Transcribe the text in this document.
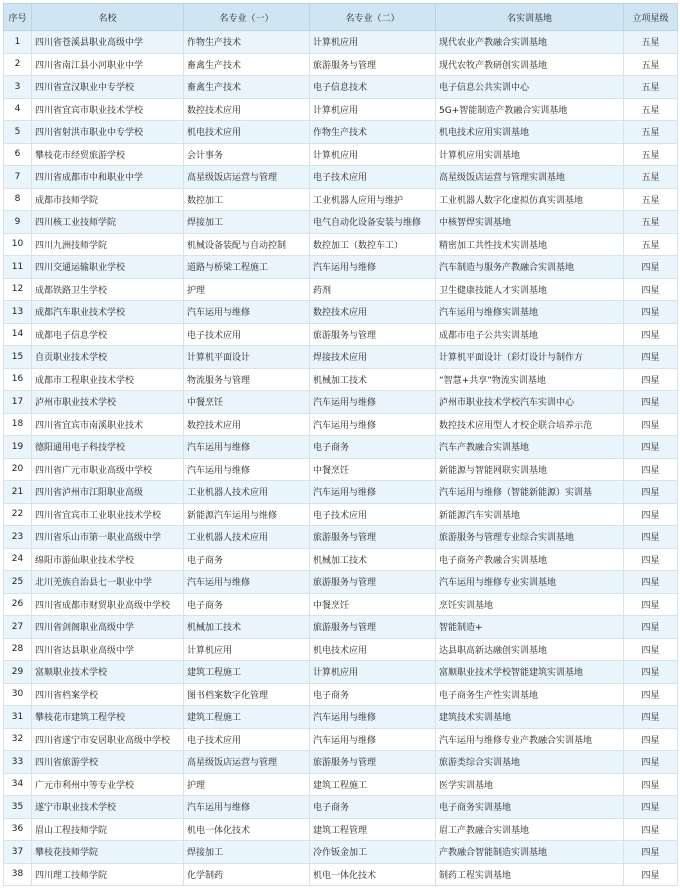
序号	名校	名专业（一）	名专业（二）	名实训基地	立项星级
1	四川省苍溪县职业高级中学	作物生产技术	计算机应用	现代农业产教融合实训基地	五星
2	四川省南江县小河职业中学	畜禽生产技术	旅游服务与管理	现代农牧产教研创实训基地	五星
3	四川省宣汉职业中专学校	畜禽生产技术	电子信息技术	电子信息公共实训中心	五星
4	四川省宜宾市职业技术学校	数控技术应用	计算机应用	5G+智能制造产教融合实训基地	五星
5	四川省射洪市职业中专学校	机电技术应用	作物生产技术	机电技术应用实训基地	五星
6	攀枝花市经贸旅游学校	会计事务	计算机应用	计算机应用实训基地	五星
7	四川省成都市中和职业中学	高星级饭店运营与管理	电子技术应用	高星级饭店运营与管理实训基地	五星
8	成都市技师学院	数控加工	工业机器人应用与维护	工业机器人数字化虚拟仿真实训基地	五星
9	四川核工业技师学院	焊接加工	电气自动化设备安装与维修	中核智焊实训基地	五星
10	四川九洲技师学院	机械设备装配与自动控制	数控加工（数控车工）	精密加工共性技术实训基地	五星
11	四川交通运输职业学校	道路与桥梁工程施工	汽车运用与维修	汽车制造与服务产教融合实训基地	四星
12	成都铁路卫生学校	护理	药剂	卫生健康技能人才实训基地	四星
13	成都汽车职业技术学校	汽车运用与维修	数控技术应用	汽车运用与维修实训基地	四星
14	成都电子信息学校	电子技术应用	旅游服务与管理	成都市电子公共实训基地	四星
15	自贡职业技术学校	计算机平面设计	焊接技术应用	计算机平面设计（彩灯设计与制作方	四星
16	成都市工程职业技术学校	物流服务与管理	机械加工技术	“智慧+共享”物流实训基地	四星
17	泸州市职业技术学校	中餐烹饪	汽车运用与维修	泸州市职业技术学校汽车实训中心	四星
18	四川省宜宾市南溪职业技术	数控技术应用	汽车运用与维修	数控技术应用型人才校企联合培养示范	四星
19	德阳通用电子科技学校	汽车运用与维修	电子商务	汽车产教融合实训基地	四星
20	四川省广元市职业高级中学校	汽车运用与维修	中餐烹饪	新能源与智能网联实训基地	四星
21	四川省泸州市江阳职业高级	工业机器人技术应用	汽车运用与维修	汽车运用与维修（智能新能源）实训基	四星
22	四川省宜宾市工业职业技术学校	新能源汽车运用与维修	电子技术应用	新能源汽车实训基地	四星
23	四川省乐山市第一职业高级中学	工业机器人技术应用	旅游服务与管理	旅游服务与管理专业综合实训基地	四星
24	绵阳市游仙职业技术学校	电子商务	机械加工技术	电子商务产教融合实训基地	四星
25	北川羌族自治县七一职业中学	汽车运用与维修	旅游服务与管理	汽车运用与维修专业实训基地	四星
26	四川省成都市财贸职业高级中学校	电子商务	中餐烹饪	烹饪实训基地	四星
27	四川省剑阁职业高级中学	机械加工技术	旅游服务与管理	智能制造+	四星
28	四川省达县职业高级中学	计算机应用	机电技术应用	达县职高新达融创实训基地	四星
29	富顺职业技术学校	建筑工程施工	计算机应用	富顺职业技术学校智能建筑实训基地	四星
30	四川省档案学校	图书档案数字化管理	电子商务	电子商务生产性实训基地	四星
31	攀枝花市建筑工程学校	建筑工程施工	汽车运用与维修	建筑技术实训基地	四星
32	四川省遂宁市安居职业高级中学校	电子技术应用	汽车运用与维修	汽车运用与维修专业产教融合实训基地	四星
33	四川省旅游学校	高星级饭店运营与管理	旅游服务与管理	旅游类综合实训基地	四星
34	广元市利州中等专业学校	护理	建筑工程施工	医学实训基地	四星
35	遂宁市职业技术学校	汽车运用与维修	电子商务	电子商务实训基地	四星
36	眉山工程技师学院	机电一体化技术	建筑工程管理	眉工产教融合实训基地	四星
37	攀枝花技师学院	焊接加工	冷作钣金加工	产教融合智能制造实训基地	四星
38	四川理工技师学院	化学制药	机电一体化技术	制药工程实训基地	四星
